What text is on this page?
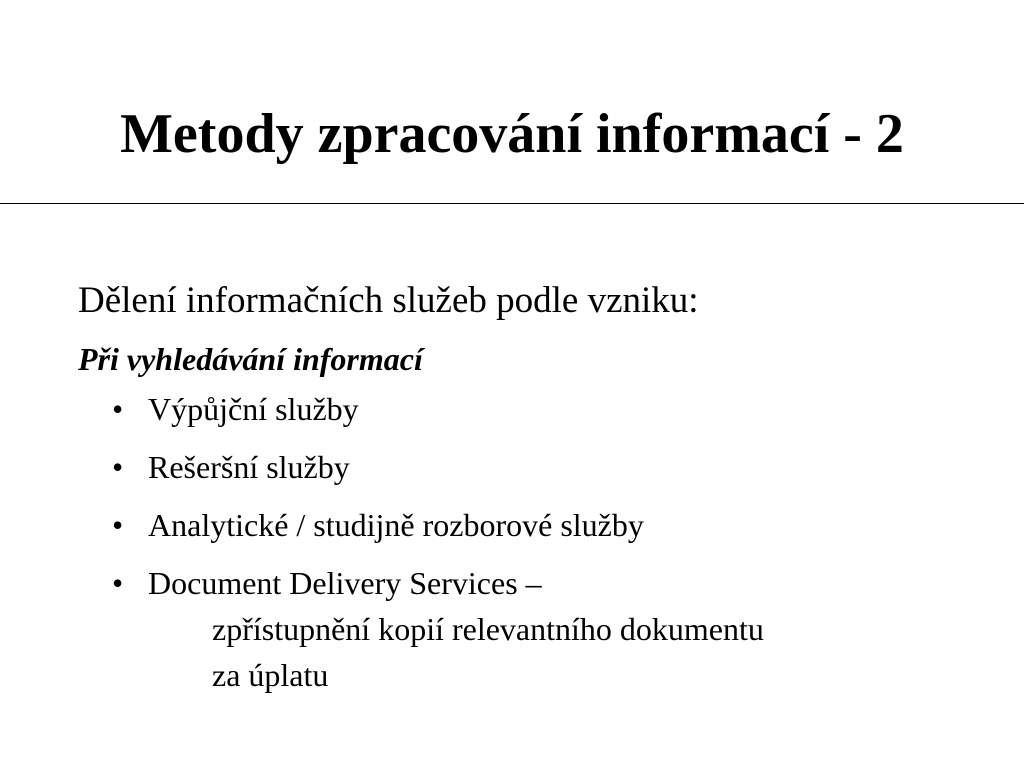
Metody zpracování informací - 2

Dělení informačních služeb podle vzniku:

Při vyhledávání informací

• Výpůjční služby
• Rešeršní služby
• Analytické / studijně rozborové služby
• Document Delivery Services –
zpřístupnění kopií relevantního dokumentu
za úplatu
